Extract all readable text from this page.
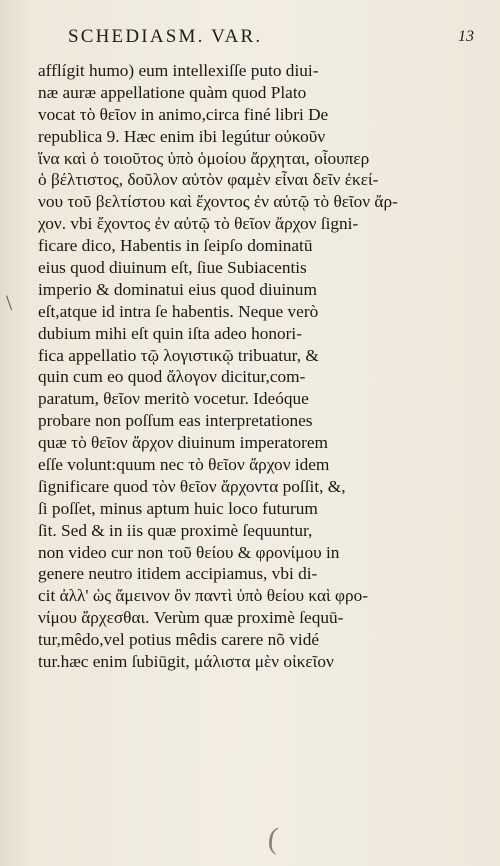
SCHEDIASM. VAR.	13
\
afflígit humo) eum intellexiſſe puto diui-
næ auræ appellatione quàm quod Plato
vocat τὸ θεῖον in animo,circa finé libri De
republica 9. Hæc enim ibi legútur οὐκοῦν
ἵνα καὶ ὁ τοιοῦτος ὑπὸ ὁμοίου ἄρχηται, οἷουπερ
ὁ βέλτιστος, δοῦλον αὐτὸν φαμὲν εἶναι δεῖν ἐκεί-
νου τοῦ βελτίστου καὶ ἔχοντος ἐν αὐτῷ τὸ θεῖον ἄρ-
χον. vbi ἔχοντος ἐν αὐτῷ τὸ θεῖον ἄρχον ſigni-
ficare dico, Habentis in ſeipſo dominatū
eius quod diuinum eſt, ſiue Subiacentis
imperio & dominatui eius quod diuinum
eſt,atque id intra ſe habentis. Neque verò
dubium mihi eſt quin iſta adeo honori-
fica appellatio τῷ λογιστικῷ tribuatur, &
quin cum eo quod ἄλογον dicitur,com-
paratum, θεῖον meritò vocetur. Ideóque
probare non poſſum eas interpretationes
quæ τὸ θεῖον ἄρχον diuinum imperatorem
eſſe volunt:quum nec τὸ θεῖον ἄρχον idem
ſignificare quod τὸν θεῖον ἄρχοντα poſſit, &,
ſi poſſet, minus aptum huic loco futurum
ſit. Sed & in iis quæ proximè ſequuntur,
non video cur non τοῦ θείου & φρονίμου in
genere neutro itidem accipiamus, vbi di-
cit ἀλλ' ὡς ἄμεινον ὂν παντὶ ὑπὸ θείου καὶ φρο-
νίμου ἄρχεσθαι. Verùm quæ proximè ſequū-
tur,mêdo,vel potius mêdis carere nõ vidé
tur.hæc enim ſubiūgit, μάλιστα μὲν οἰκεῖον
(
